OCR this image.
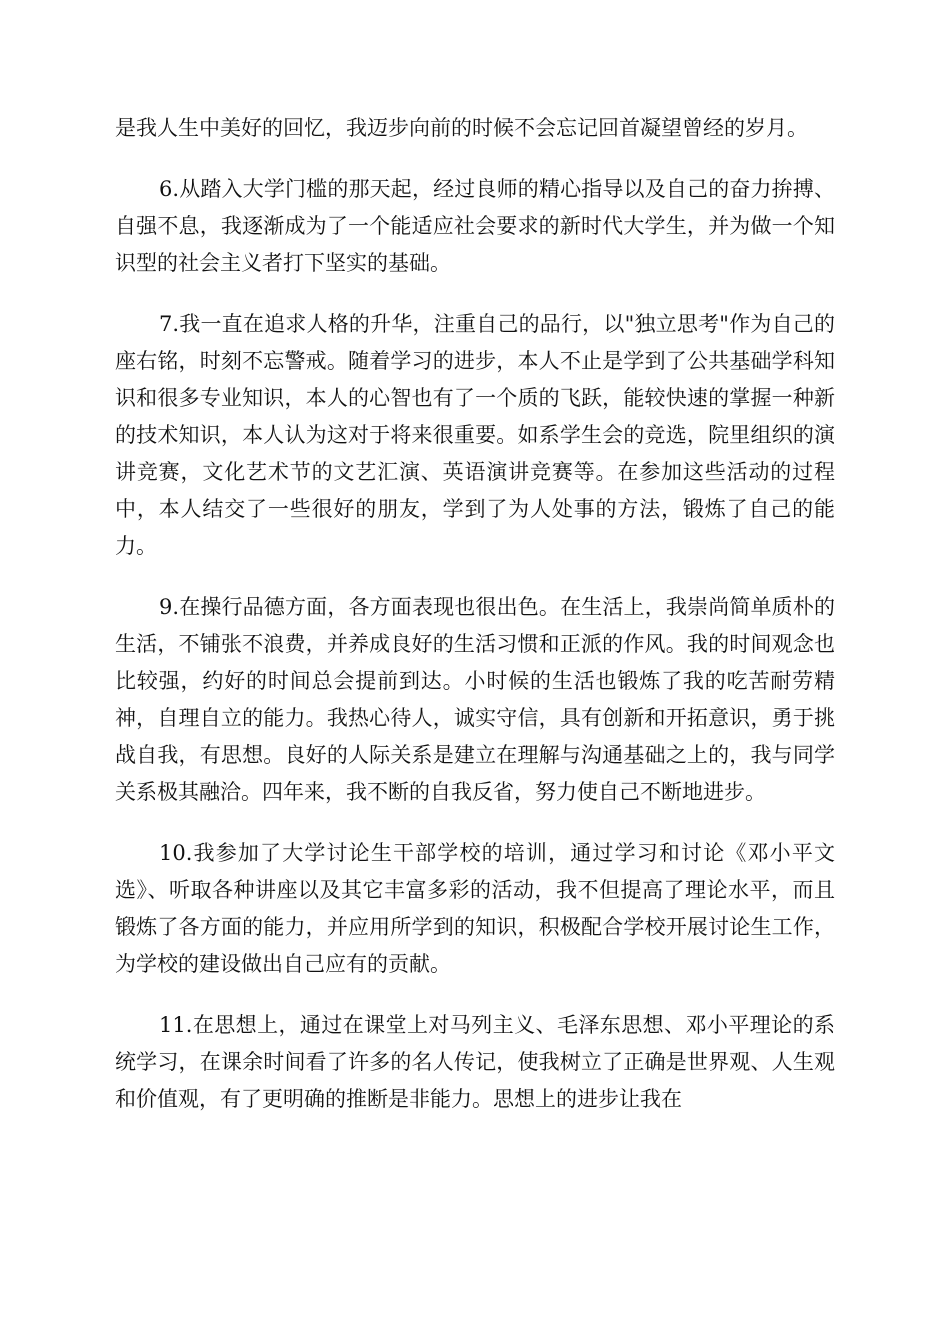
是我人生中美好的回忆，我迈步向前的时候不会忘记回首凝望曾经的岁月。

6.从踏入大学门槛的那天起，经过良师的精心指导以及自己的奋力拚搏、自强不息，我逐渐成为了一个能适应社会要求的新时代大学生，并为做一个知识型的社会主义者打下坚实的基础。

7.我一直在追求人格的升华，注重自己的品行，以"独立思考"作为自己的座右铭，时刻不忘警戒。随着学习的进步，本人不止是学到了公共基础学科知识和很多专业知识，本人的心智也有了一个质的飞跃，能较快速的掌握一种新的技术知识，本人认为这对于将来很重要。如系学生会的竞选，院里组织的演讲竞赛，文化艺术节的文艺汇演、英语演讲竞赛等。在参加这些活动的过程中，本人结交了一些很好的朋友，学到了为人处事的方法，锻炼了自己的能力。

9.在操行品德方面，各方面表现也很出色。在生活上，我崇尚简单质朴的生活，不铺张不浪费，并养成良好的生活习惯和正派的作风。我的时间观念也比较强，约好的时间总会提前到达。小时候的生活也锻炼了我的吃苦耐劳精神，自理自立的能力。我热心待人，诚实守信，具有创新和开拓意识，勇于挑战自我，有思想。良好的人际关系是建立在理解与沟通基础之上的，我与同学关系极其融洽。四年来，我不断的自我反省，努力使自己不断地进步。

10.我参加了大学讨论生干部学校的培训，通过学习和讨论《邓小平文选》、听取各种讲座以及其它丰富多彩的活动，我不但提高了理论水平，而且锻炼了各方面的能力，并应用所学到的知识，积极配合学校开展讨论生工作，为学校的建设做出自己应有的贡献。

11.在思想上，通过在课堂上对马列主义、毛泽东思想、邓小平理论的系统学习，在课余时间看了许多的名人传记，使我树立了正确是世界观、人生观和价值观，有了更明确的推断是非能力。思想上的进步让我在
